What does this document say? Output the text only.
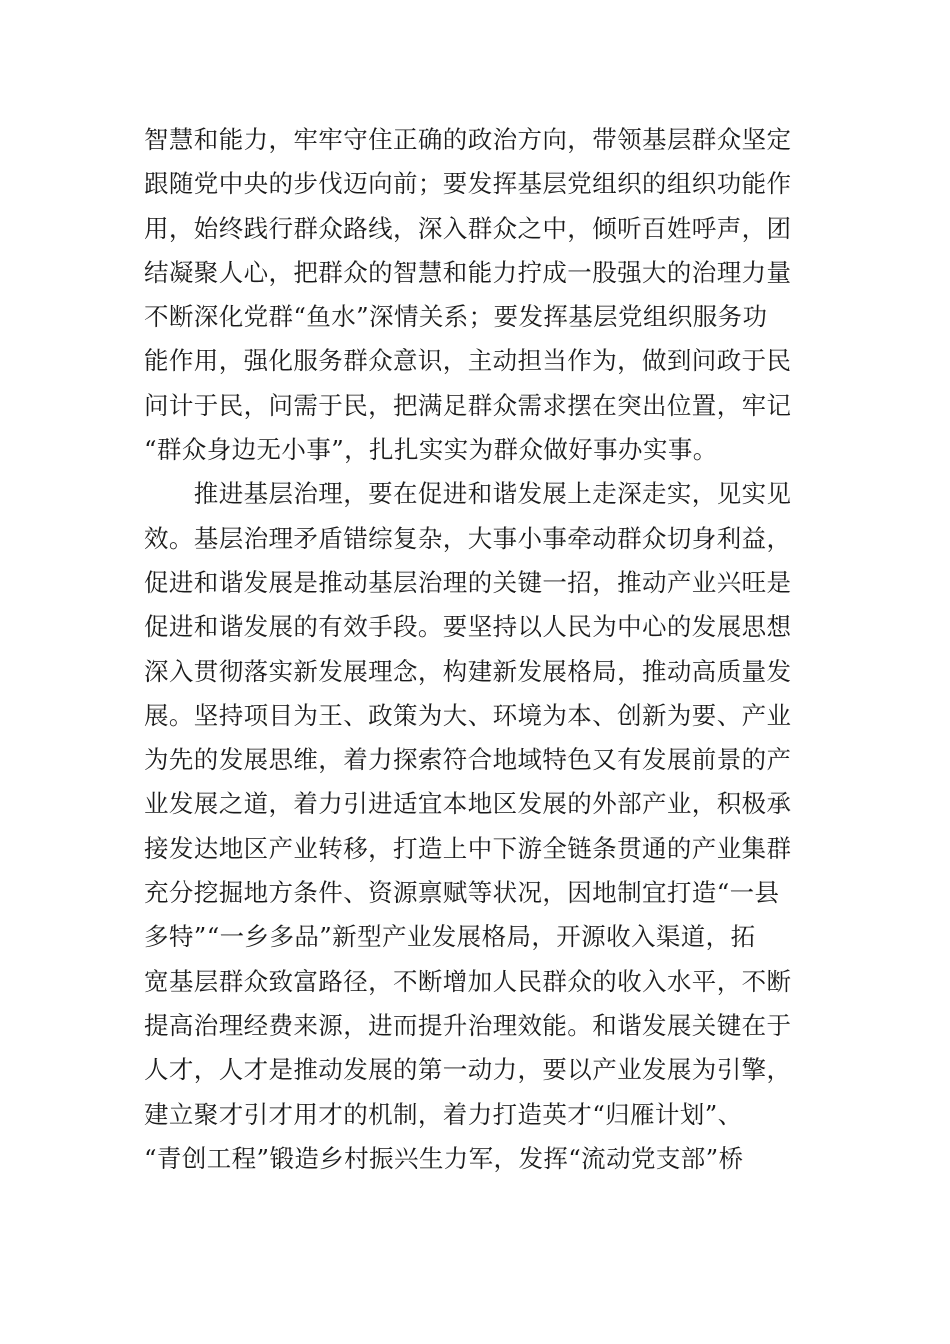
智慧和能力，牢牢守住正确的政治方向，带领基层群众坚定
跟随党中央的步伐迈向前；要发挥基层党组织的组织功能作
用，始终践行群众路线，深入群众之中，倾听百姓呼声，团
结凝聚人心，把群众的智慧和能力拧成一股强大的治理力量
不断深化党群“鱼水”深情关系；要发挥基层党组织服务功
能作用，强化服务群众意识，主动担当作为，做到问政于民
问计于民，问需于民，把满足群众需求摆在突出位置，牢记
“群众身边无小事”，扎扎实实为群众做好事办实事。
　　推进基层治理，要在促进和谐发展上走深走实，见实见
效。基层治理矛盾错综复杂，大事小事牵动群众切身利益，
促进和谐发展是推动基层治理的关键一招，推动产业兴旺是
促进和谐发展的有效手段。要坚持以人民为中心的发展思想
深入贯彻落实新发展理念，构建新发展格局，推动高质量发
展。坚持项目为王、政策为大、环境为本、创新为要、产业
为先的发展思维，着力探索符合地域特色又有发展前景的产
业发展之道，着力引进适宜本地区发展的外部产业，积极承
接发达地区产业转移，打造上中下游全链条贯通的产业集群
充分挖掘地方条件、资源禀赋等状况，因地制宜打造“一县
多特”“一乡多品”新型产业发展格局，开源收入渠道，拓
宽基层群众致富路径，不断增加人民群众的收入水平，不断
提高治理经费来源，进而提升治理效能。和谐发展关键在于
人才，人才是推动发展的第一动力，要以产业发展为引擎，
建立聚才引才用才的机制，着力打造英才“归雁计划”、
“青创工程”锻造乡村振兴生力军，发挥“流动党支部”桥
